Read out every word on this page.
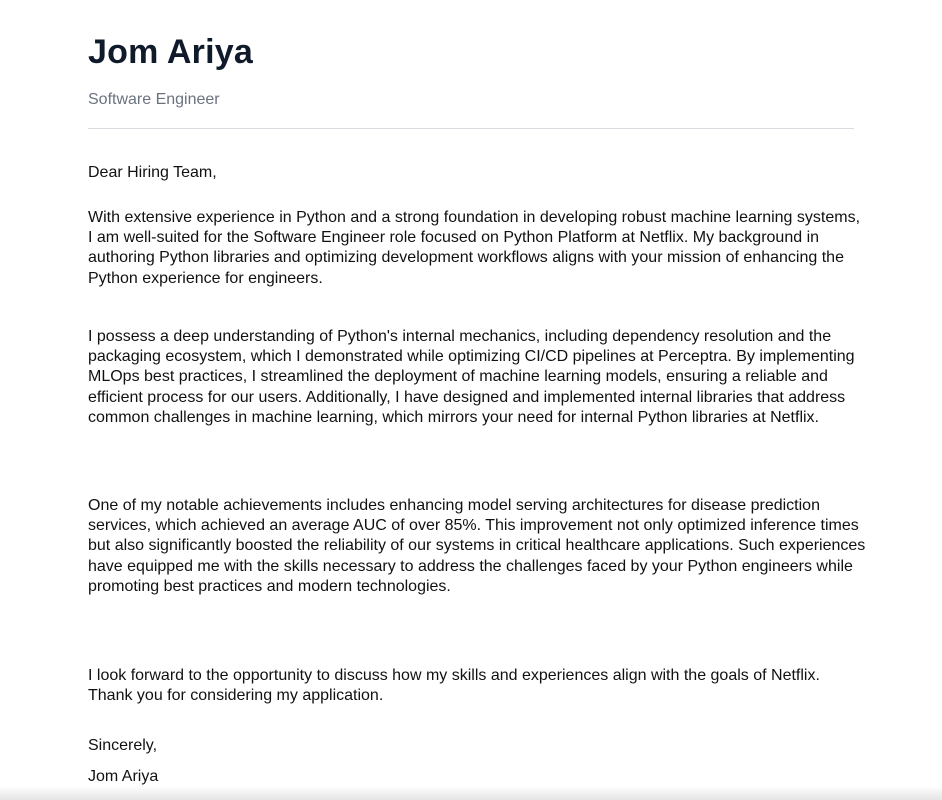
Jom Ariya
Software Engineer
Dear Hiring Team,

With extensive experience in Python and a strong foundation in developing robust machine learning systems, I am well-suited for the Software Engineer role focused on Python Platform at Netflix. My background in authoring Python libraries and optimizing development workflows aligns with your mission of enhancing the Python experience for engineers.

I possess a deep understanding of Python's internal mechanics, including dependency resolution and the packaging ecosystem, which I demonstrated while optimizing CI/CD pipelines at Perceptra. By implementing MLOps best practices, I streamlined the deployment of machine learning models, ensuring a reliable and efficient process for our users. Additionally, I have designed and implemented internal libraries that address common challenges in machine learning, which mirrors your need for internal Python libraries at Netflix.

One of my notable achievements includes enhancing model serving architectures for disease prediction services, which achieved an average AUC of over 85%. This improvement not only optimized inference times but also significantly boosted the reliability of our systems in critical healthcare applications. Such experiences have equipped me with the skills necessary to address the challenges faced by your Python engineers while promoting best practices and modern technologies.

I look forward to the opportunity to discuss how my skills and experiences align with the goals of Netflix. Thank you for considering my application.

Sincerely,
Jom Ariya
